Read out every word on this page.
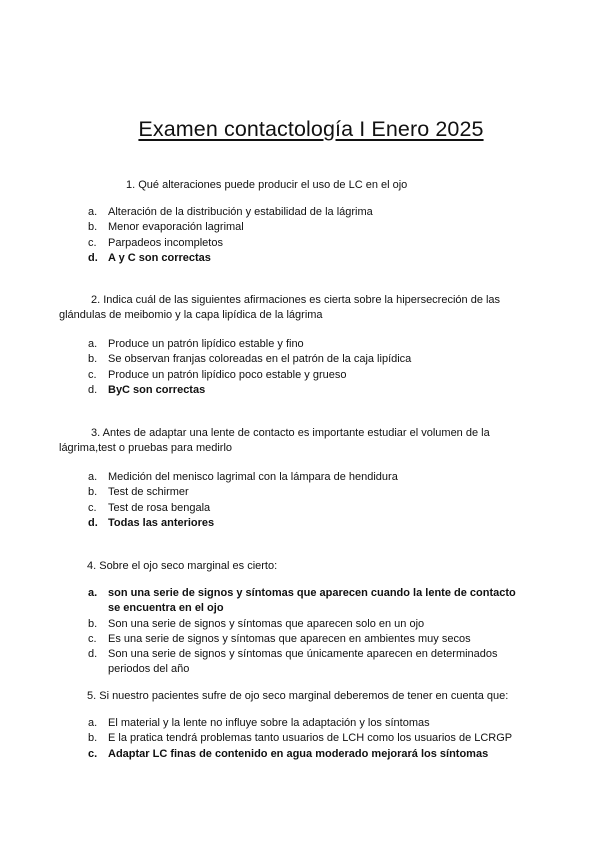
Examen contactología I Enero 2025
1. Qué alteraciones puede producir el uso de LC en el ojo
a. Alteración de la distribución y estabilidad de la lágrima
b. Menor evaporación lagrimal
c. Parpadeos incompletos
d. A y C son correctas
2. Indica cuál de las siguientes afirmaciones es cierta sobre la hipersecreción de las glándulas de meibomio y la capa lipídica de la lágrima
a. Produce un patrón lipídico estable y fino
b. Se observan franjas coloreadas en el patrón de la caja lipídica
c. Produce un patrón lipídico poco estable y grueso
d. ByC son correctas
3. Antes de adaptar una lente de contacto es importante estudiar el volumen de la lágrima,test o pruebas para medirlo
a. Medición del menisco lagrimal con la lámpara de hendidura
b. Test de schirmer
c. Test de rosa bengala
d. Todas las anteriores
4. Sobre el ojo seco marginal es cierto:
a. son una serie de signos y síntomas que aparecen cuando la lente de contacto se encuentra en el ojo
b. Son una serie de signos y síntomas que aparecen solo en un ojo
c. Es una serie de signos y síntomas que aparecen en ambientes muy secos
d. Son una serie de signos y síntomas que únicamente aparecen en determinados periodos del año
5. Si nuestro pacientes sufre de ojo seco marginal deberemos de tener en cuenta que:
a. El material y la lente no influye sobre la adaptación y los síntomas
b. E la pratica tendrá problemas tanto usuarios de LCH como los usuarios de LCRGP
c. Adaptar LC finas de contenido en agua moderado mejorará los síntomas
